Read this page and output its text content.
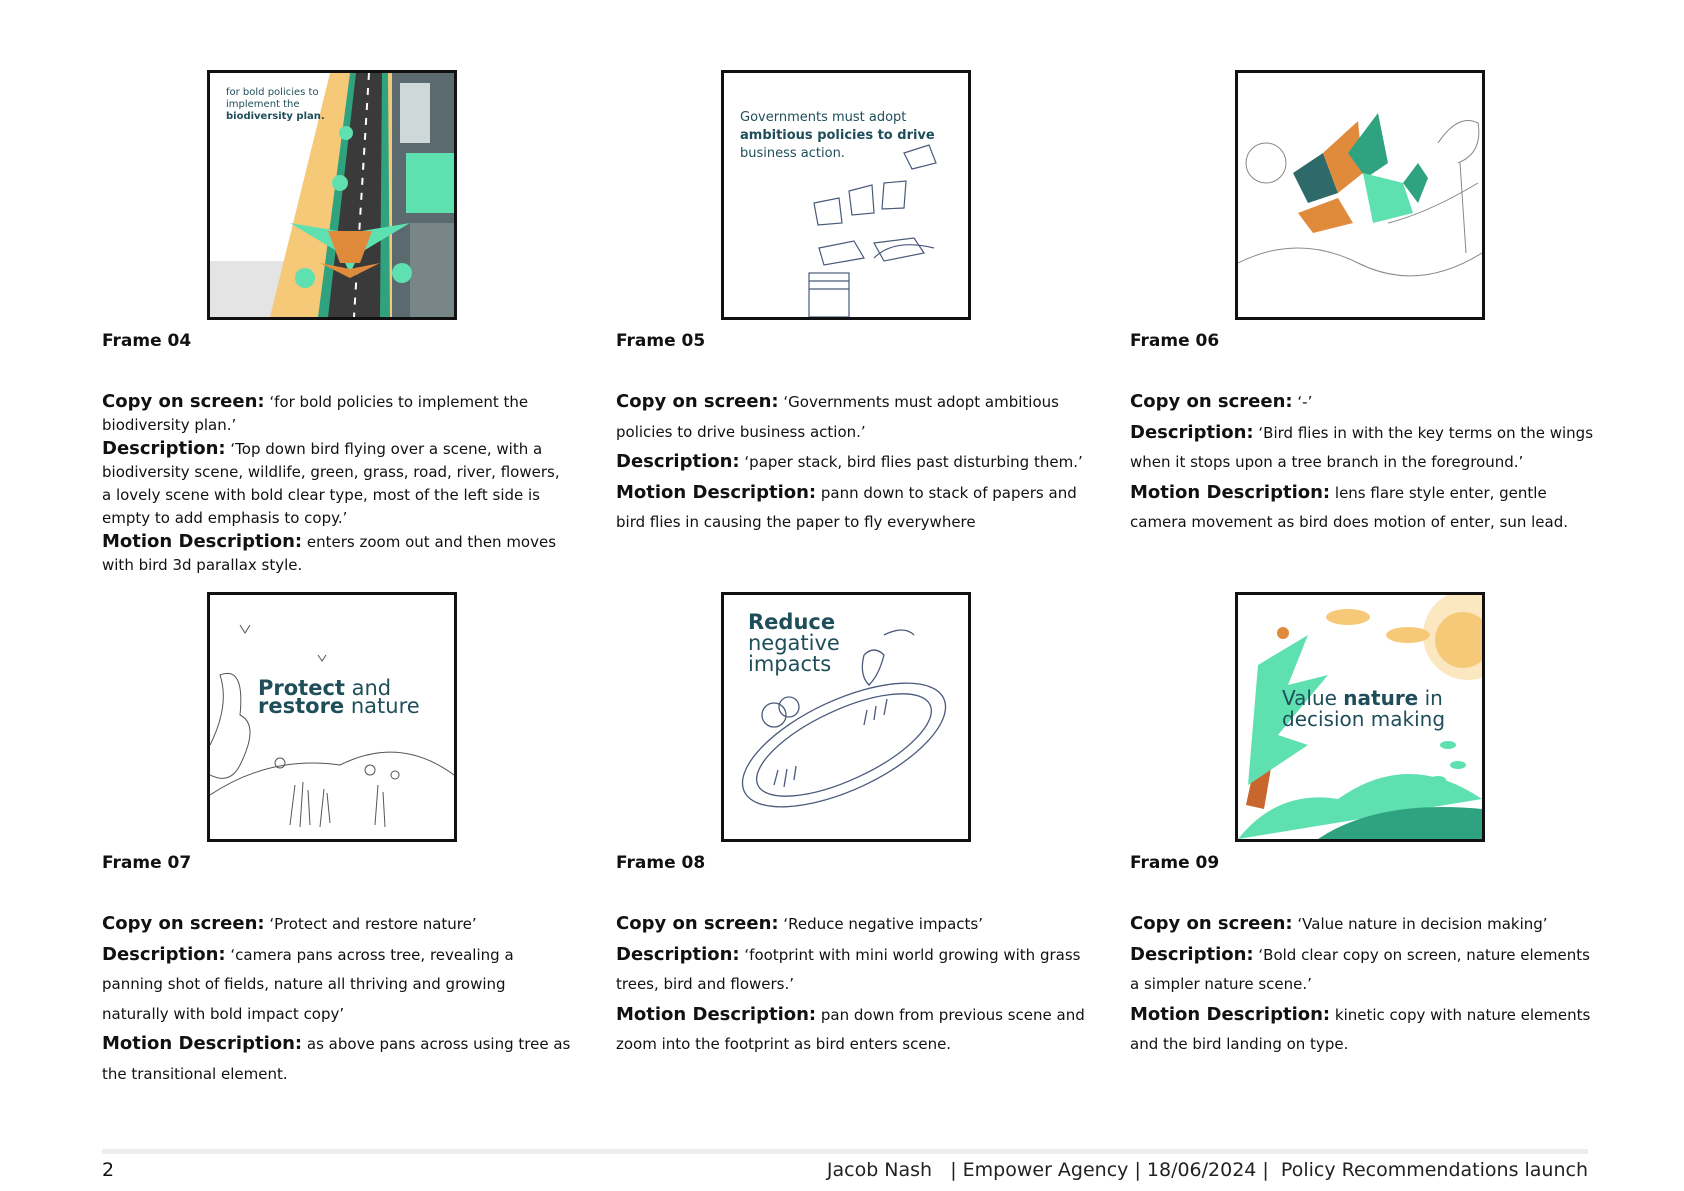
for bold policies to
implement the
biodiversity plan.
Frame 04

Copy on screen: ‘for bold policies to implement the biodiversity plan.’

Description: ‘Top down bird flying over a scene, with a biodiversity scene, wildlife, green, grass, road, river, flowers, a lovely scene with bold clear type, most of the left side is empty to add emphasis to copy.’

Motion Description: enters zoom out and then moves with bird 3d parallax style.

Governments must adopt
ambitious policies to drive
business action.
Frame 05

Copy on screen: ‘Governments must adopt ambitious policies to drive business action.’

Description: ‘paper stack, bird flies past disturbing them.’

Motion Description: pann down to stack of papers and bird flies in causing the paper to fly everywhere

Frame 06

Copy on screen: ‘-’

Description: ‘Bird flies in with the key terms on the wings when it stops upon a tree branch in the foreground.’

Motion Description: lens flare style enter, gentle camera movement as bird does motion of enter, sun lead.

Protect and
restore nature
Frame 07

Copy on screen: ‘Protect and restore nature’

Description: ‘camera pans across tree, revealing a panning shot of fields, nature all thriving and growing naturally with bold impact copy’

Motion Description: as above pans across using tree as the transitional element.

Reduce
negative
impacts
Frame 08

Copy on screen: ‘Reduce negative impacts’

Description: ‘footprint with mini world growing with grass trees, bird and flowers.’

Motion Description: pan down from previous scene and zoom into the footprint as bird enters scene.

Value nature in
decision making
Frame 09

Copy on screen: ‘Value nature in decision making’

Description: ‘Bold clear copy on screen, nature elements a simpler nature scene.’

Motion Description: kinetic copy with nature elements and the bird landing on type.

2	Jacob Nash   | Empower Agency | 18/06/2024 |  Policy Recommendations launch
